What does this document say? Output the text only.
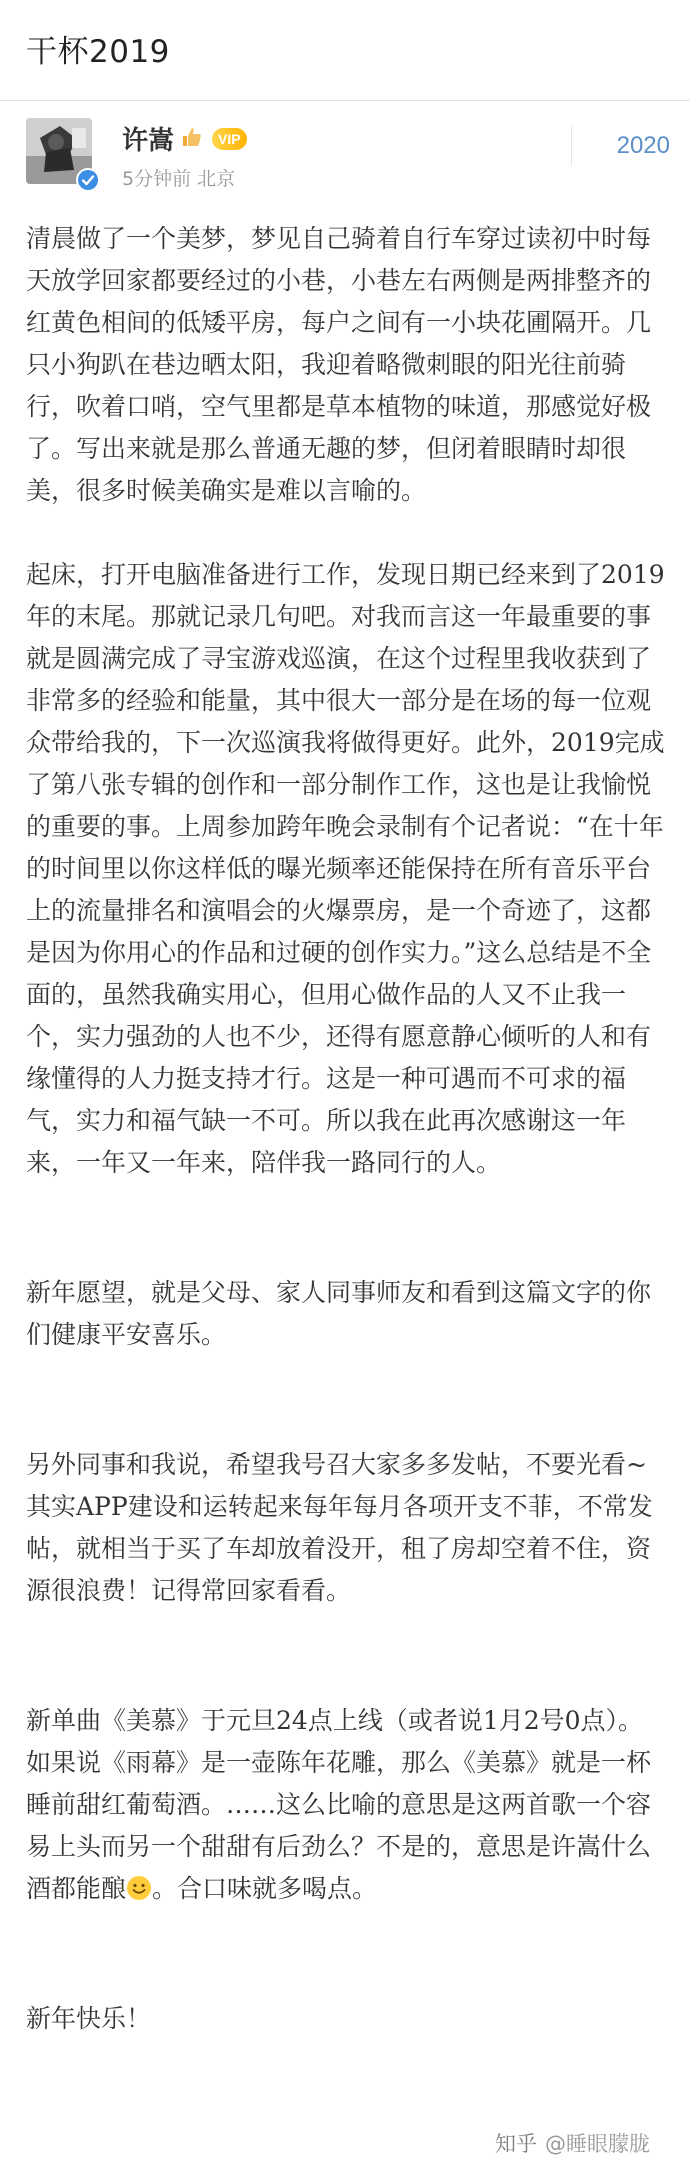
干杯2019
许嵩	VIP
5分钟前 北京
2020

清晨做了一个美梦，梦见自己骑着自行车穿过读初中时每天放学回家都要经过的小巷，小巷左右两侧是两排整齐的红黄色相间的低矮平房，每户之间有一小块花圃隔开。几只小狗趴在巷边晒太阳，我迎着略微刺眼的阳光往前骑行，吹着口哨，空气里都是草本植物的味道，那感觉好极了。写出来就是那么普通无趣的梦，但闭着眼睛时却很美，很多时候美确实是难以言喻的。

起床，打开电脑准备进行工作，发现日期已经来到了2019年的末尾。那就记录几句吧。对我而言这一年最重要的事就是圆满完成了寻宝游戏巡演，在这个过程里我收获到了非常多的经验和能量，其中很大一部分是在场的每一位观众带给我的，下一次巡演我将做得更好。此外，2019完成了第八张专辑的创作和一部分制作工作，这也是让我愉悦的重要的事。上周参加跨年晚会录制有个记者说：“在十年的时间里以你这样低的曝光频率还能保持在所有音乐平台上的流量排名和演唱会的火爆票房，是一个奇迹了，这都是因为你用心的作品和过硬的创作实力。”这么总结是不全面的，虽然我确实用心，但用心做作品的人又不止我一个，实力强劲的人也不少，还得有愿意静心倾听的人和有缘懂得的人力挺支持才行。这是一种可遇而不可求的福气，实力和福气缺一不可。所以我在此再次感谢这一年来，一年又一年来，陪伴我一路同行的人。

新年愿望，就是父母、家人同事师友和看到这篇文字的你们健康平安喜乐。

另外同事和我说，希望我号召大家多多发帖，不要光看~其实APP建设和运转起来每年每月各项开支不菲，不常发帖，就相当于买了车却放着没开，租了房却空着不住，资源很浪费！记得常回家看看。

新单曲《美慕》于元旦24点上线（或者说1月2号0点）。如果说《雨幕》是一壶陈年花雕，那么《美慕》就是一杯睡前甜红葡萄酒。……这么比喻的意思是这两首歌一个容易上头而另一个甜甜有后劲么？不是的，意思是许嵩什么酒都能酿 。合口味就多喝点。

新年快乐！

知乎 @睡眼朦胧
